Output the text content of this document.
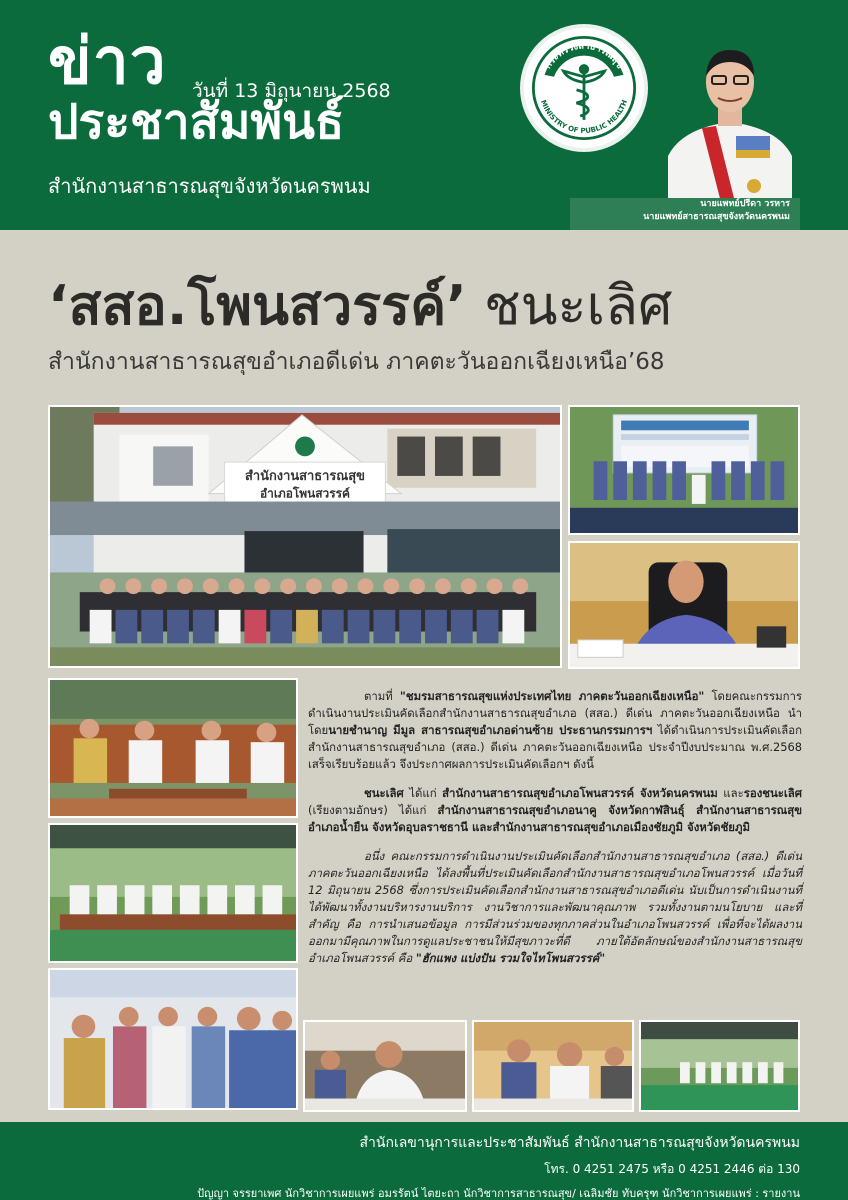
ข่าว วันที่ 13 มิถุนายน 2568
ประชาสัมพันธ์
สำนักงานสาธารณสุขจังหวัดนครพนม
กระทรวงสาธารณสุข
MINISTRY OF PUBLIC HEALTH
นายแพทย์ปรีดา วรหาร
นายแพทย์สาธารณสุขจังหวัดนครพนม
‘สสอ.โพนสวรรค์’ ชนะเลิศ
สำนักงานสาธารณสุขอำเภอดีเด่น ภาคตะวันออกเฉียงเหนือ’68
สำนักงานสาธารณสุข
อำเภอโพนสวรรค์

ตามที่ "ชมรมสาธารณสุขแห่งประเทศไทย ภาคตะวันออกเฉียงเหนือ" โดยคณะกรรมการดำเนินงานประเมินคัดเลือกสำนักงานสาธารณสุขอำเภอ (สสอ.) ดีเด่น ภาคตะวันออกเฉียงเหนือ นำโดยนายชำนาญ มีมูล สาธารณสุขอำเภอด่านซ้าย ประธานกรรมการฯ ได้ดำเนินการประเมินคัดเลือกสำนักงานสาธารณสุขอำเภอ (สสอ.) ดีเด่น ภาคตะวันออกเฉียงเหนือ ประจำปีงบประมาณ พ.ศ.2568 เสร็จเรียบร้อยแล้ว จึงประกาศผลการประเมินคัดเลือกฯ ดังนี้

ชนะเลิศ ได้แก่ สำนักงานสาธารณสุขอำเภอโพนสวรรค์ จังหวัดนครพนม และรองชนะเลิศ (เรียงตามอักษร) ได้แก่ สำนักงานสาธารณสุขอำเภอนาคู จังหวัดกาฬสินธุ์ สำนักงานสาธารณสุขอำเภอน้ำยืน จังหวัดอุบลราชธานี และสำนักงานสาธารณสุขอำเภอเมืองชัยภูมิ จังหวัดชัยภูมิ

อนึ่ง คณะกรรมการดำเนินงานประเมินคัดเลือกสำนักงานสาธารณสุขอำเภอ (สสอ.) ดีเด่น ภาคตะวันออกเฉียงเหนือ ได้ลงพื้นที่ประเมินคัดเลือกสำนักงานสาธารณสุขอำเภอโพนสวรรค์ เมื่อวันที่ 12 มิถุนายน 2568 ซึ่งการประเมินคัดเลือกสำนักงานสาธารณสุขอำเภอดีเด่น นับเป็นการดำเนินงานที่ได้พัฒนาทั้งงานบริหารงานบริการ งานวิชาการและพัฒนาคุณภาพ รวมทั้งงานตามนโยบาย และที่สำคัญ คือ การนำเสนอข้อมูล การมีส่วนร่วมของทุกภาคส่วนในอำเภอโพนสวรรค์ เพื่อที่จะได้ผลงานออกมามีคุณภาพในการดูแลประชาชนให้มีสุขภาวะที่ดี ภายใต้อัตลักษณ์ของสำนักงานสาธารณสุขอำเภอโพนสวรรค์ คือ "ฮักแพง แบ่งปัน รวมใจไทโพนสวรรค์"

สำนักเลขานุการและประชาสัมพันธ์ สำนักงานสาธารณสุขจังหวัดนครพนม
โทร. 0 4251 2475 หรือ 0 4251 2446 ต่อ 130
ปัญญา จรรยาเพศ นักวิชาการเผยแพร่ อมรรัตน์ ไตยะถา นักวิชาการสาธารณสุข/ เฉลิมชัย ทับครุฑ นักวิชาการเผยแพร่ : รายงาน
